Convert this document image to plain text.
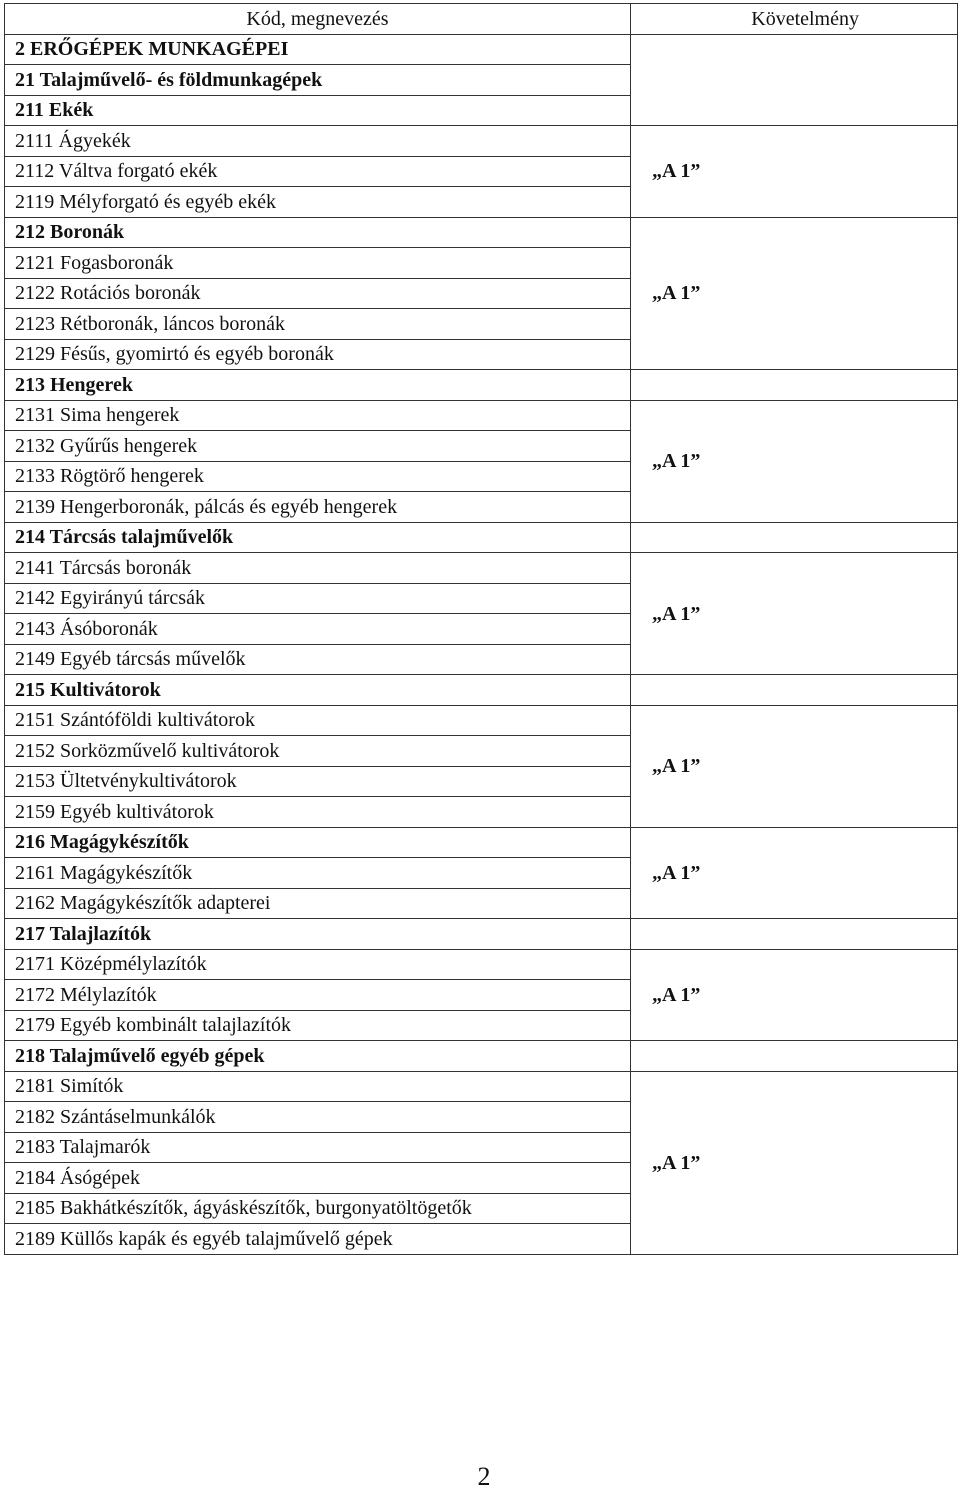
Kód, megnevezés	Követelmény
2 ERŐGÉPEK MUNKAGÉPEI	
21 Talajművelő- és földmunkagépek	
211 Ekék	
2111 Ágyekék	„A 1”
2112 Váltva forgató ekék	
2119 Mélyforgató és egyéb ekék	
212 Boronák	„A 1”
2121 Fogasboronák	
2122 Rotációs boronák	
2123 Rétboronák, láncos boronák	
2129 Fésűs, gyomirtó és egyéb boronák	
213 Hengerek	
2131 Sima hengerek	„A 1”
2132 Gyűrűs hengerek	
2133 Rögtörő hengerek	
2139 Hengerboronák, pálcás és egyéb hengerek	
214 Tárcsás talajművelők	
2141 Tárcsás boronák	„A 1”
2142 Egyirányú tárcsák	
2143 Ásóboronák	
2149 Egyéb tárcsás művelők	
215 Kultivátorok	
2151 Szántóföldi kultivátorok	„A 1”
2152 Sorközművelő kultivátorok	
2153 Ültetvénykultivátorok	
2159 Egyéb kultivátorok	
216 Magágykészítők	„A 1”
2161 Magágykészítők	
2162 Magágykészítők adapterei	
217 Talajlazítók	
2171 Középmélylazítók	„A 1”
2172 Mélylazítók	
2179 Egyéb kombinált talajlazítók	
218 Talajművelő egyéb gépek	
2181 Simítók	„A 1”
2182 Szántáselmunkálók	
2183 Talajmarók	
2184 Ásógépek	
2185 Bakhátkészítők, ágyáskészítők, burgonyatöltögetők	
2189 Küllős kapák és egyéb talajművelő gépek	
2
